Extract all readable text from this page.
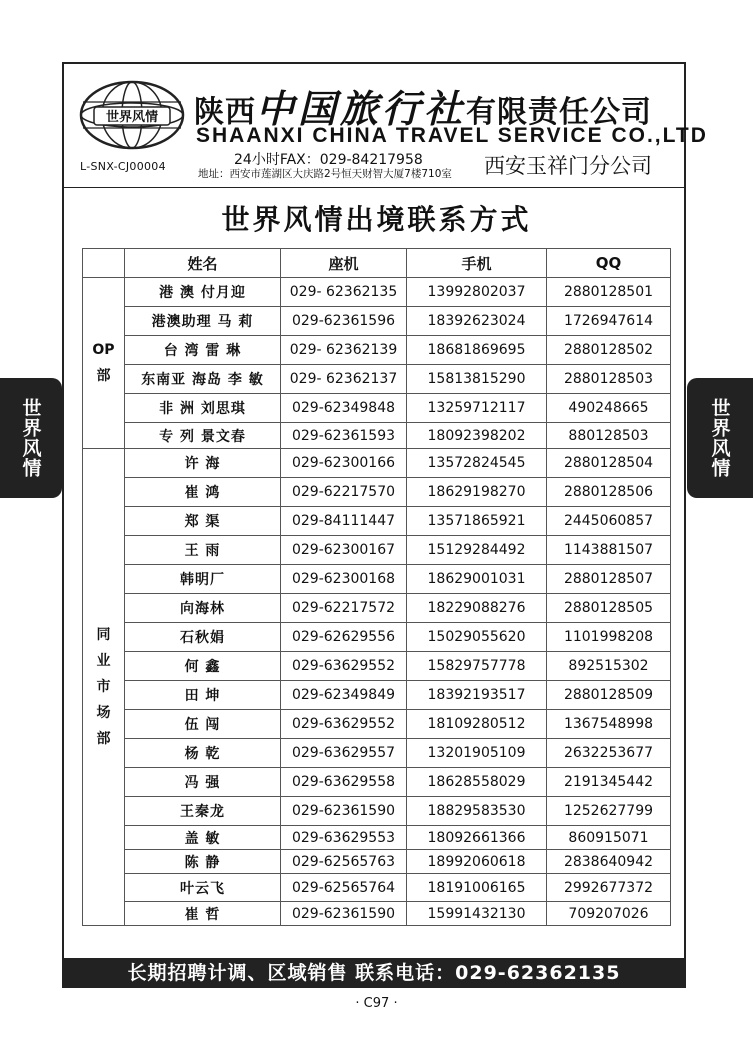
世界风情	世界风情
世界风情
L-SNX-CJ00004
陕西中国旅行社有限责任公司
SHAANXI CHINA TRAVEL SERVICE CO.,LTD
24小时FAX：029-84217958
地址：西安市莲湖区大庆路2号恒天财智大厦7楼710室 西安玉祥门分公司
世界风情出境联系方式
	姓名	座机	手机	QQ
OP部	港 澳 付月迎	029- 62362135	13992802037	2880128501
	港澳助理 马 莉	029-62361596	18392623024	1726947614
	台 湾 雷 琳	029- 62362139	18681869695	2880128502
	东南亚 海岛 李 敏	029- 62362137	15813815290	2880128503
	非 洲 刘思琪	029-62349848	13259712117	490248665
	专 列 景文春	029-62361593	18092398202	880128503
同业市场部	许 海	029-62300166	13572824545	2880128504
	崔 鸿	029-62217570	18629198270	2880128506
	郑 渠	029-84111447	13571865921	2445060857
	王 雨	029-62300167	15129284492	1143881507
	韩明厂	029-62300168	18629001031	2880128507
	向海林	029-62217572	18229088276	2880128505
	石秋娟	029-62629556	15029055620	1101998208
	何 鑫	029-63629552	15829757778	892515302
	田 坤	029-62349849	18392193517	2880128509
	伍 闯	029-63629552	18109280512	1367548998
	杨 乾	029-63629557	13201905109	2632253677
	冯 强	029-63629558	18628558029	2191345442
	王秦龙	029-62361590	18829583530	1252627799
	盖 敏	029-63629553	18092661366	860915071
	陈 静	029-62565763	18992060618	2838640942
	叶云飞	029-62565764	18191006165	2992677372
	崔 哲	029-62361590	15991432130	709207026
长期招聘计调、区域销售 联系电话：029-62362135
· C97 ·
